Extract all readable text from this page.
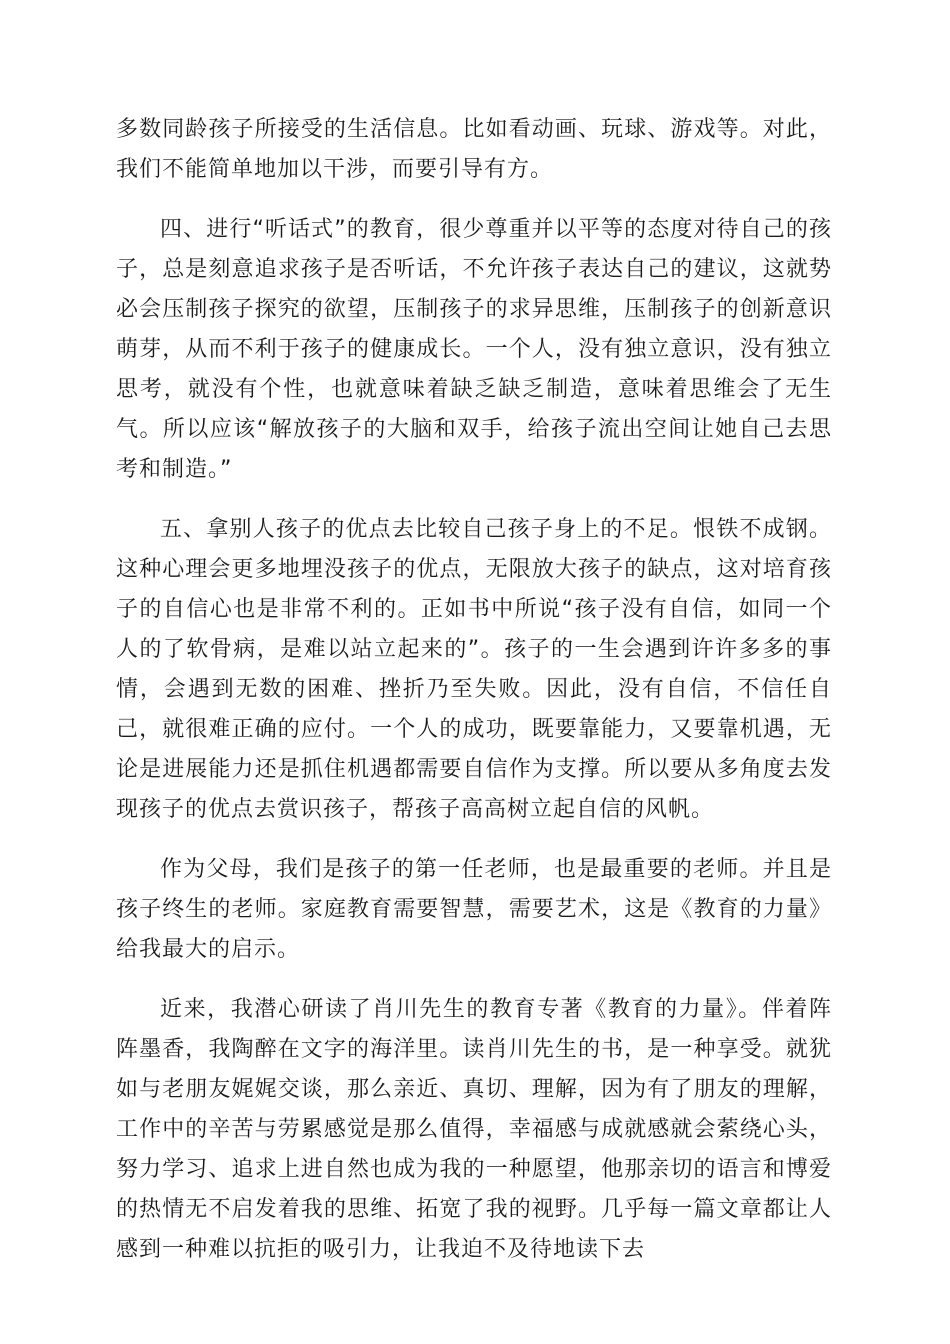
多数同龄孩子所接受的生活信息。比如看动画、玩球、游戏等。对此，我们不能简单地加以干涉，而要引导有方。

四、进行“听话式”的教育，很少尊重并以平等的态度对待自己的孩子，总是刻意追求孩子是否听话，不允许孩子表达自己的建议，这就势必会压制孩子探究的欲望，压制孩子的求异思维，压制孩子的创新意识萌芽，从而不利于孩子的健康成长。一个人，没有独立意识，没有独立思考，就没有个性，也就意味着缺乏缺乏制造，意味着思维会了无生气。所以应该“解放孩子的大脑和双手，给孩子流出空间让她自己去思考和制造。”

五、拿别人孩子的优点去比较自己孩子身上的不足。恨铁不成钢。这种心理会更多地埋没孩子的优点，无限放大孩子的缺点，这对培育孩子的自信心也是非常不利的。正如书中所说“孩子没有自信，如同一个人的了软骨病，是难以站立起来的”。孩子的一生会遇到许许多多的事情，会遇到无数的困难、挫折乃至失败。因此，没有自信，不信任自己，就很难正确的应付。一个人的成功，既要靠能力，又要靠机遇，无论是进展能力还是抓住机遇都需要自信作为支撑。所以要从多角度去发现孩子的优点去赏识孩子，帮孩子高高树立起自信的风帆。

作为父母，我们是孩子的第一任老师，也是最重要的老师。并且是孩子终生的老师。家庭教育需要智慧，需要艺术，这是《教育的力量》给我最大的启示。

近来，我潜心研读了肖川先生的教育专著《教育的力量》。伴着阵阵墨香，我陶醉在文字的海洋里。读肖川先生的书，是一种享受。就犹如与老朋友娓娓交谈，那么亲近、真切、理解，因为有了朋友的理解，工作中的辛苦与劳累感觉是那么值得，幸福感与成就感就会萦绕心头，努力学习、追求上进自然也成为我的一种愿望，他那亲切的语言和博爱的热情无不启发着我的思维、拓宽了我的视野。几乎每一篇文章都让人感到一种难以抗拒的吸引力，让我迫不及待地读下去
